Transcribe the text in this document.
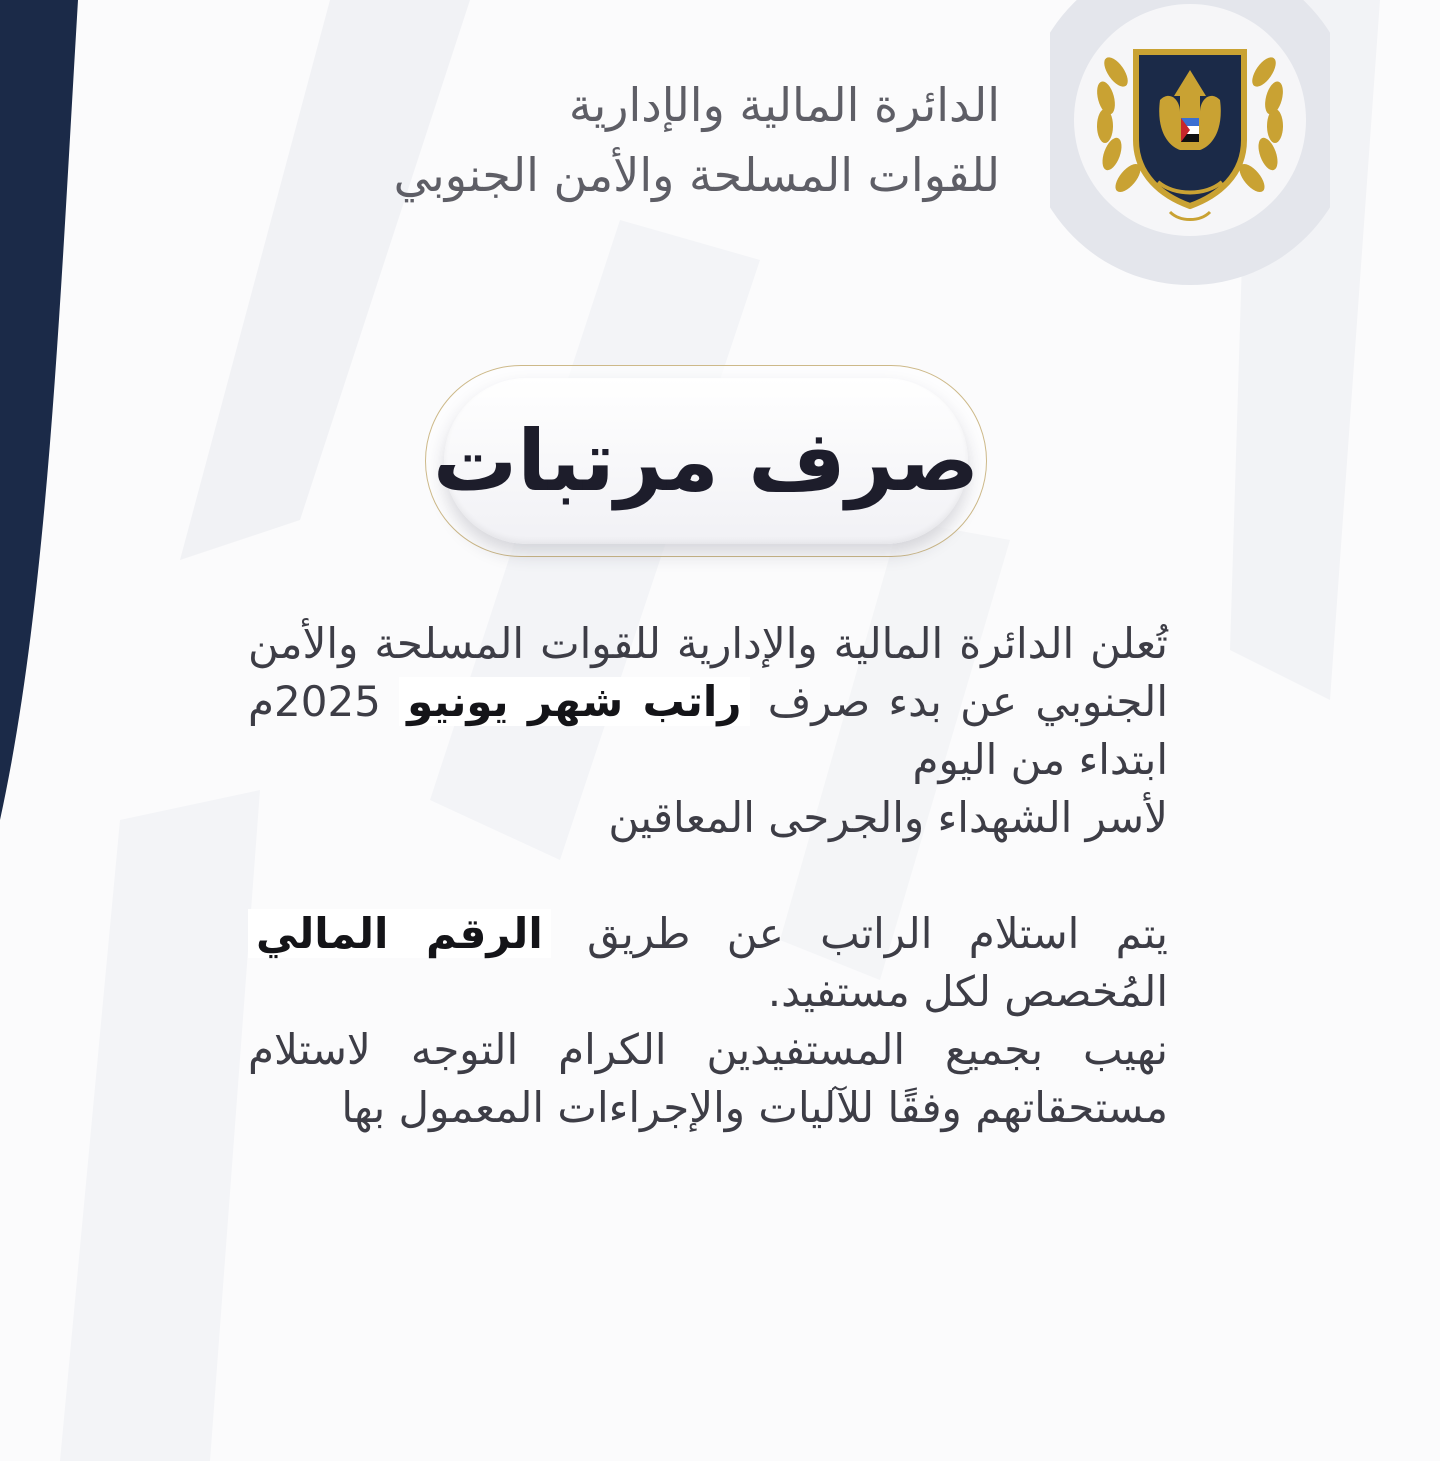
الدائرة المالية والإدارية
للقوات المسلحة والأمن الجنوبي
صرف مرتبات

تُعلن الدائرة المالية والإدارية للقوات المسلحة والأمن الجنوبي عن بدء صرف راتب شهر يونيو 2025م ابتداء من اليوم

لأسر الشهداء والجرحى المعاقين

يتم استلام الراتب عن طريق الرقم المالي المُخصص لكل مستفيد.

نهيب بجميع المستفيدين الكرام التوجه لاستلام مستحقاتهم وفقًا للآليات والإجراءات المعمول بها
